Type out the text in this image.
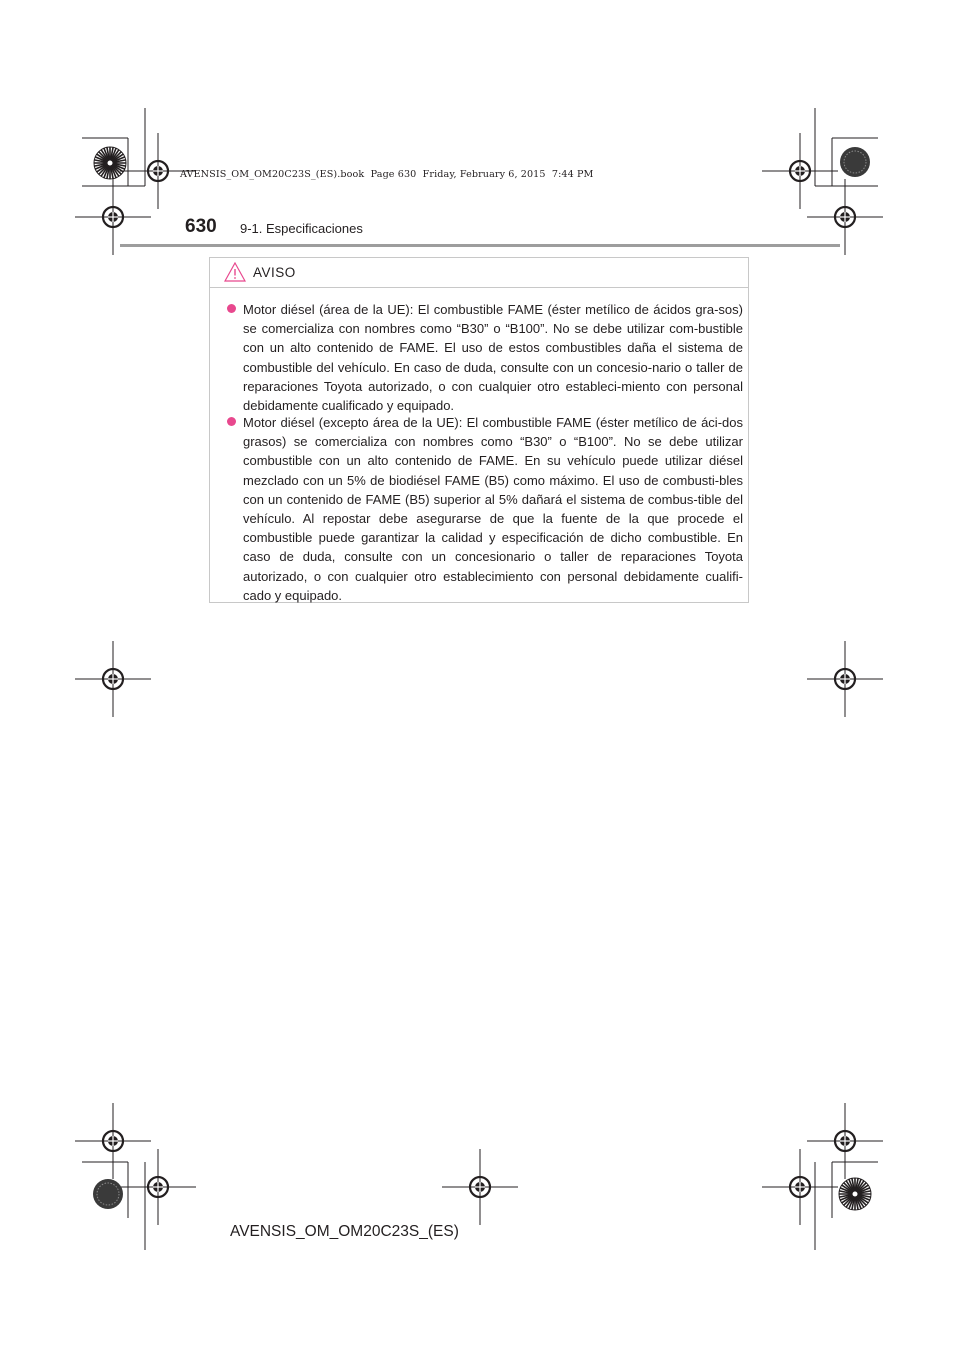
AVENSIS_OM_OM20C23S_(ES).book  Page 630  Friday, February 6, 2015  7:44 PM
630 9-1. Especificaciones
AVISO
Motor diésel (área de la UE): El combustible FAME (éster metílico de ácidos gra-sos) se comercializa con nombres como “B30” o “B100”. No se debe utilizar com-bustible con un alto contenido de FAME. El uso de estos combustibles daña el sistema de combustible del vehículo. En caso de duda, consulte con un concesio-nario o taller de reparaciones Toyota autorizado, o con cualquier otro estableci-miento con personal debidamente cualificado y equipado.
Motor diésel (excepto área de la UE): El combustible FAME (éster metílico de áci-dos grasos) se comercializa con nombres como “B30” o “B100”. No se debe utilizar combustible con un alto contenido de FAME. En su vehículo puede utilizar diésel mezclado con un 5% de biodiésel FAME (B5) como máximo. El uso de combusti-bles con un contenido de FAME (B5) superior al 5% dañará el sistema de combus-tible del vehículo. Al repostar debe asegurarse de que la fuente de la que procede el combustible puede garantizar la calidad y especificación de dicho combustible. En caso de duda, consulte con un concesionario o taller de reparaciones Toyota autorizado, o con cualquier otro establecimiento con personal debidamente cualifi-cado y equipado.
AVENSIS_OM_OM20C23S_(ES)
